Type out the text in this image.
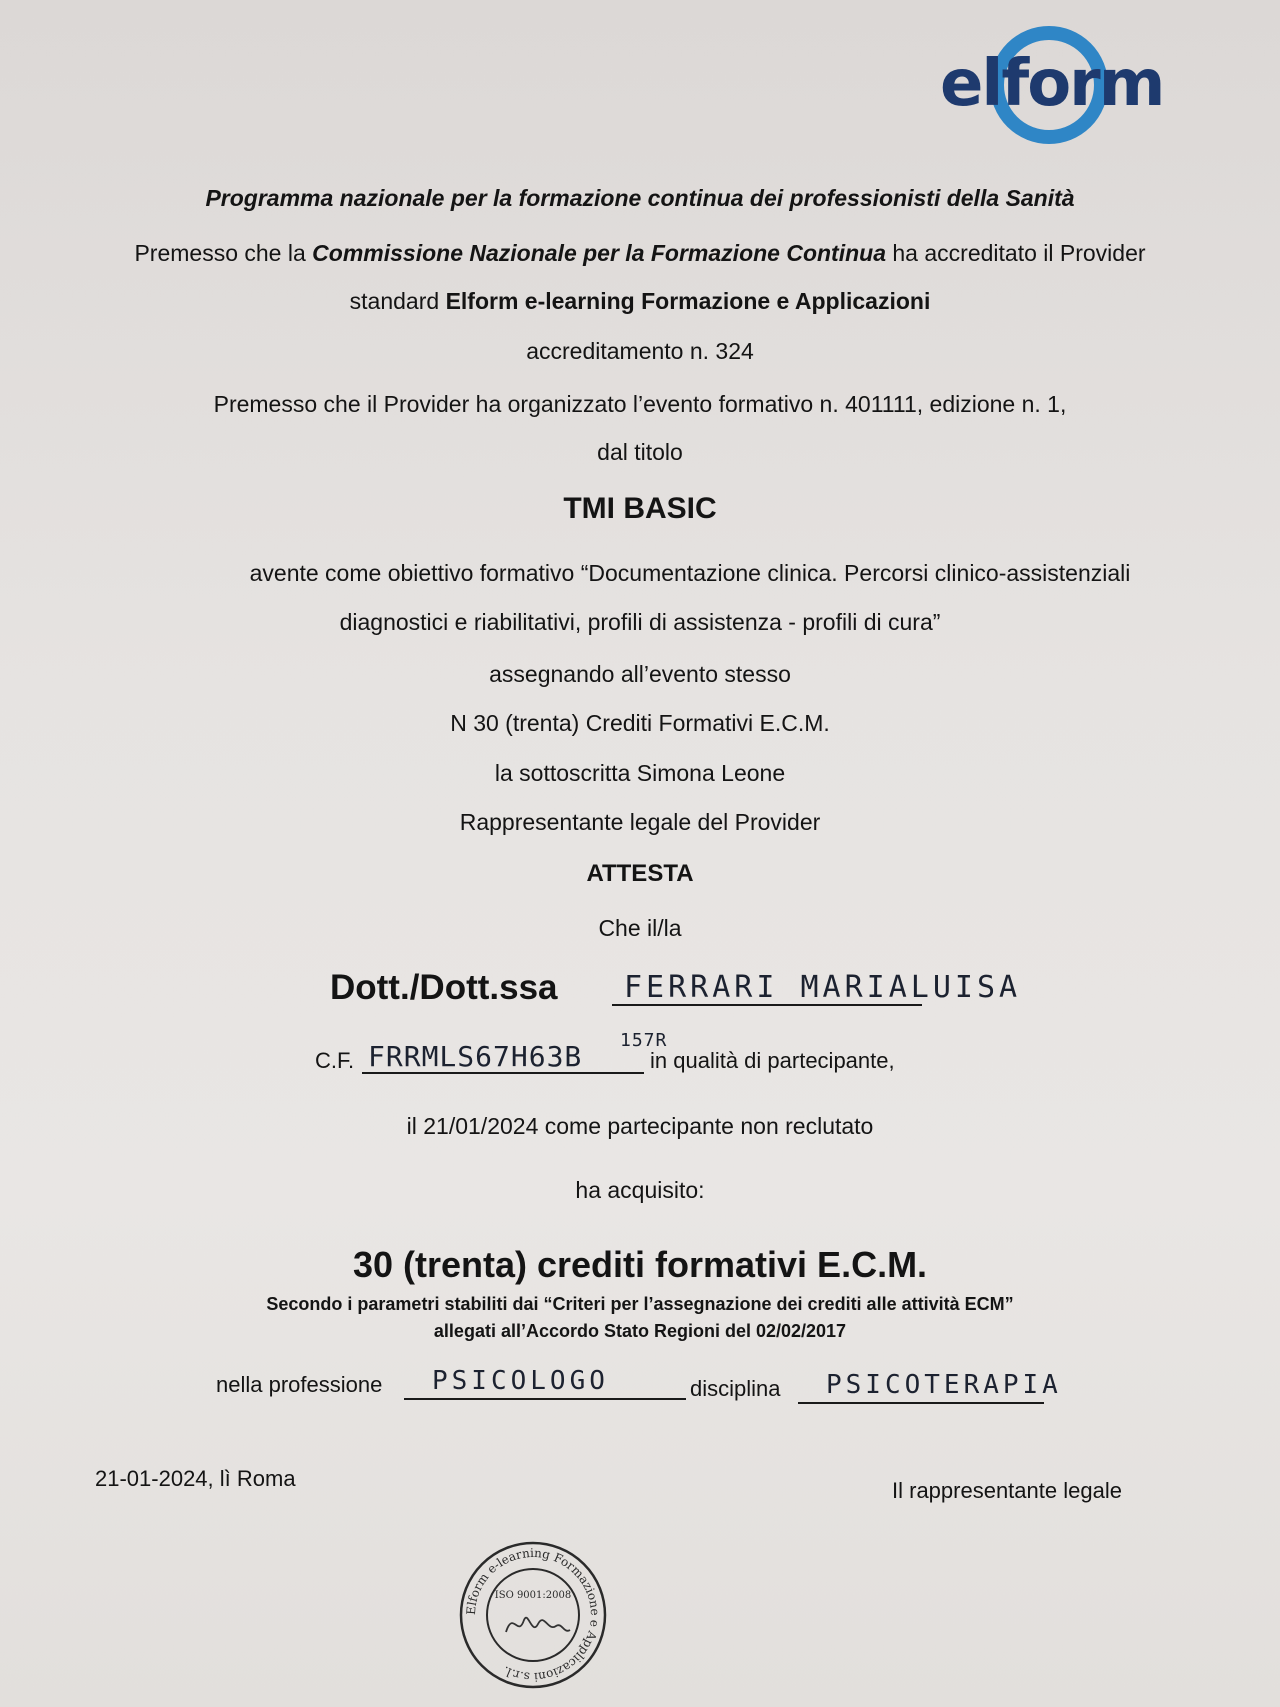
elform
Programma nazionale per la formazione continua dei professionisti della Sanità
Premesso che la Commissione Nazionale per la Formazione Continua ha accreditato il Provider
standard Elform e-learning Formazione e Applicazioni
accreditamento n. 324
Premesso che il Provider ha organizzato l’evento formativo n. 401111, edizione n. 1,
dal titolo
TMI BASIC
avente come obiettivo formativo “Documentazione clinica. Percorsi clinico-assistenziali
diagnostici e riabilitativi, profili di assistenza - profili di cura”
assegnando all’evento stesso
N 30 (trenta) Crediti Formativi E.C.M.
la sottoscritta Simona Leone
Rappresentante legale del Provider
ATTESTA
Che il/la
Dott./Dott.ssa FERRARI MARIALUISA
C.F. FRRMLS67H63B 157R
in qualità di partecipante,
il 21/01/2024 come partecipante non reclutato
ha acquisito:
30 (trenta) crediti formativi E.C.M.
Secondo i parametri stabiliti dai “Criteri per l’assegnazione dei crediti alle attività ECM”
allegati all’Accordo Stato Regioni del 02/02/2017
nella professione PSICOLOGO	disciplina PSICOTERAPIA
21-01-2024, lì Roma	Il rappresentante legale
Elform e-learning Formazione e Applicazioni s.r.l.
ISO 9001:2008
